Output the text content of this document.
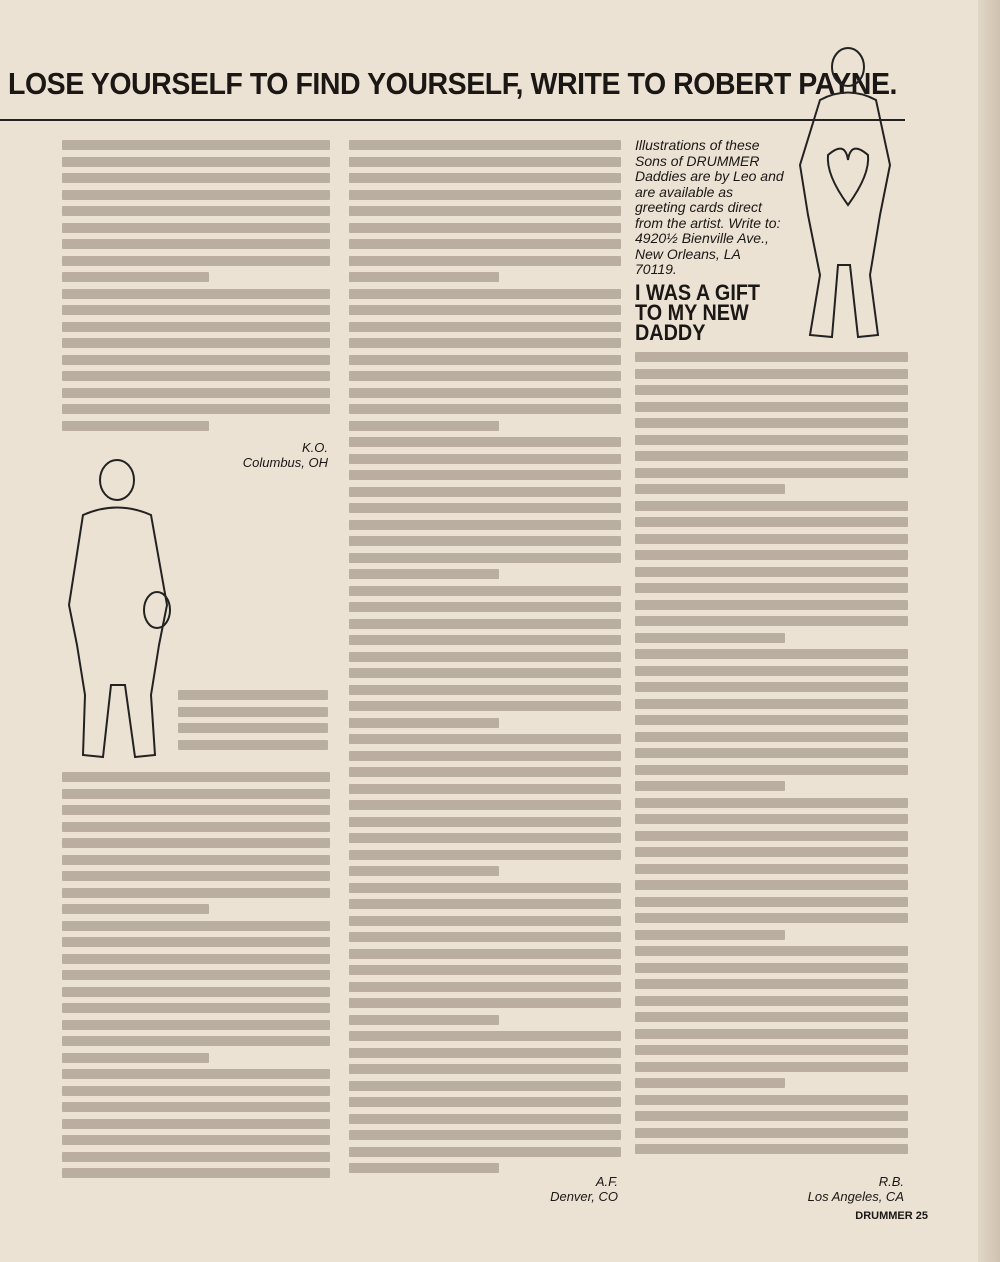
LOSE YOURSELF TO FIND YOURSELF, WRITE TO ROBERT PAYNE.
K.O.
Columbus, OH
A.F.
Denver, CO
Illustrations of these Sons of DRUMMER Daddies are by Leo and are available as greeting cards direct from the artist. Write to: 4920½ Bienville Ave., New Orleans, LA 70119.
I WAS A GIFT TO MY NEW DADDY
R.B.
Los Angeles, CA
DRUMMER 25
